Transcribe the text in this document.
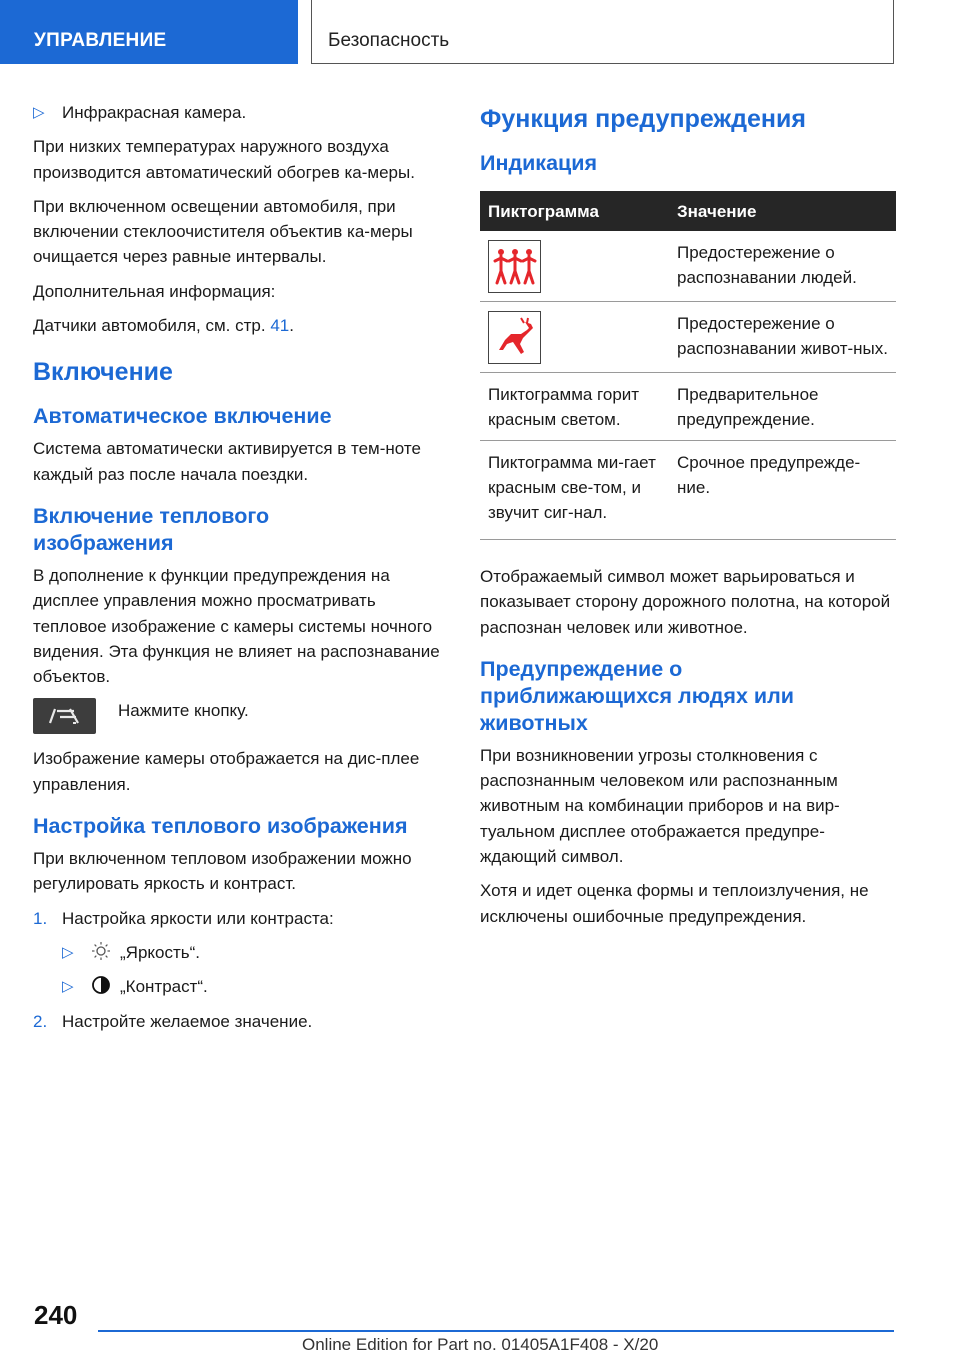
УПРАВЛЕНИЕ	Безопасность

▷ Инфракрасная камера.

При низких температурах наружного воздуха производится автоматический обогрев ка-меры.

При включенном освещении автомобиля, при включении стеклоочистителя объектив ка-меры очищается через равные интервалы.

Дополнительная информация:

Датчики автомобиля, см. стр. 41.

Включение
Автоматическое включение

Система автоматически активируется в тем-ноте каждый раз после начала поездки.

Включение теплового изображения

В дополнение к функции предупреждения на дисплее управления можно просматривать тепловое изображение с камеры системы ночного видения. Эта функция не влияет на распознавание объектов.

Нажмите кнопку.

Изображение камеры отображается на дис-плее управления.

Настройка теплового изображения

При включенном тепловом изображении можно регулировать яркость и контраст.

1. Настройка яркости или контраста:

▷	„Яркость“.

▷	„Контраст“.

2. Настройте желаемое значение.

Функция предупреждения
Индикация
Пиктограмма	Значение

	Предостережение о распознавании людей.

	Предостережение о распознавании живот-ных.
Пиктограмма горит красным светом.	Предварительное предупреждение.
Пиктограмма ми-гает красным све-том, и звучит сиг-нал.	Срочное предупрежде-ние.

Отображаемый символ может варьироваться и показывает сторону дорожного полотна, на которой распознан человек или животное.

Предупреждение о приближающихся людях или животных

При возникновении угрозы столкновения с распознанным человеком или распознанным животным на комбинации приборов и на вир-туальном дисплее отображается предупре-ждающий символ.

Хотя и идет оценка формы и теплоизлучения, не исключены ошибочные предупреждения.

240
Online Edition for Part no. 01405A1F408 - X/20
